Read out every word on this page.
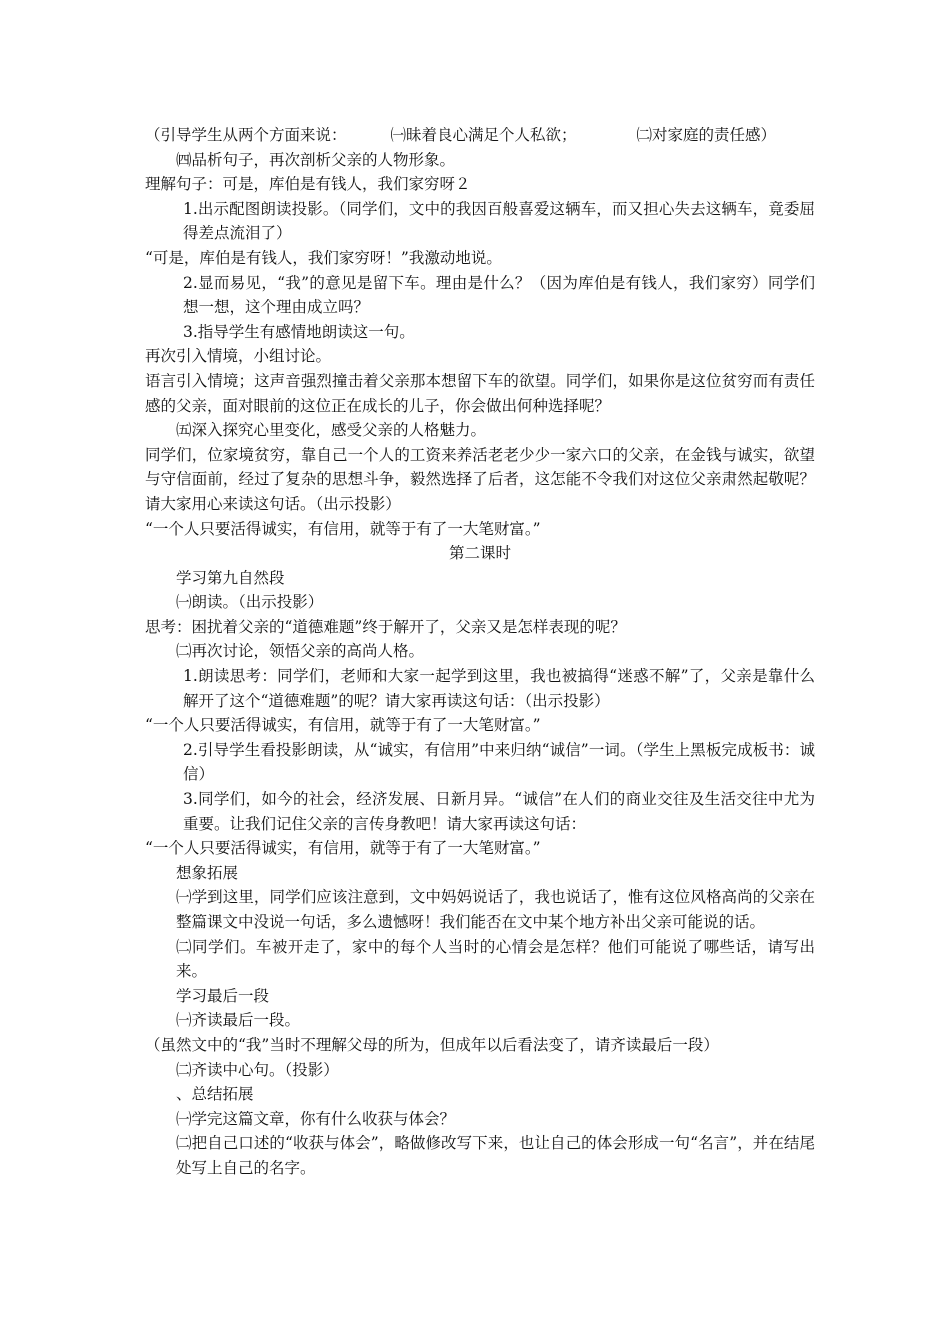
（引导学生从两个方面来说：	㈠昧着良心满足个人私欲；	㈡对家庭的责任感）
㈣品析句子，再次剖析父亲的人物形象。
理解句子：可是，库伯是有钱人，我们家穷呀２
1.出示配图朗读投影。（同学们，文中的我因百般喜爱这辆车，而又担心失去这辆车，竟委屈得差点流泪了）
“可是，库伯是有钱人，我们家穷呀！”我激动地说。
2.显而易见，“我”的意见是留下车。理由是什么？（因为库伯是有钱人，我们家穷）同学们想一想，这个理由成立吗？
3.指导学生有感情地朗读这一句。
再次引入情境，小组讨论。
语言引入情境；这声音强烈撞击着父亲那本想留下车的欲望。同学们，如果你是这位贫穷而有责任感的父亲，面对眼前的这位正在成长的儿子，你会做出何种选择呢？
㈤深入探究心里变化，感受父亲的人格魅力。
同学们，位家境贫穷，靠自己一个人的工资来养活老老少少一家六口的父亲，在金钱与诚实，欲望与守信面前，经过了复杂的思想斗争，毅然选择了后者，这怎能不令我们对这位父亲肃然起敬呢？请大家用心来读这句话。（出示投影）
“一个人只要活得诚实，有信用，就等于有了一大笔财富。”
第二课时
学习第九自然段
㈠朗读。（出示投影）
思考：困扰着父亲的“道德难题”终于解开了，父亲又是怎样表现的呢？
㈡再次讨论，领悟父亲的高尚人格。
1.朗读思考：同学们，老师和大家一起学到这里，我也被搞得“迷惑不解”了，父亲是靠什么解开了这个“道德难题”的呢？请大家再读这句话：（出示投影）
“一个人只要活得诚实，有信用，就等于有了一大笔财富。”
2.引导学生看投影朗读，从“诚实，有信用”中来归纳“诚信”一词。（学生上黑板完成板书：诚信）
3.同学们，如今的社会，经济发展、日新月异。“诚信”在人们的商业交往及生活交往中尤为重要。让我们记住父亲的言传身教吧！请大家再读这句话：
“一个人只要活得诚实，有信用，就等于有了一大笔财富。”
想象拓展
㈠学到这里，同学们应该注意到，文中妈妈说话了，我也说话了，惟有这位风格高尚的父亲在整篇课文中没说一句话，多么遗憾呀！我们能否在文中某个地方补出父亲可能说的话。
㈡同学们。车被开走了，家中的每个人当时的心情会是怎样？他们可能说了哪些话，请写出来。
学习最后一段
㈠齐读最后一段。
（虽然文中的“我”当时不理解父母的所为，但成年以后看法变了，请齐读最后一段）
㈡齐读中心句。（投影）
、总结拓展
㈠学完这篇文章，你有什么收获与体会？
㈡把自己口述的“收获与体会”，略做修改写下来，也让自己的体会形成一句“名言”，并在结尾处写上自己的名字。
